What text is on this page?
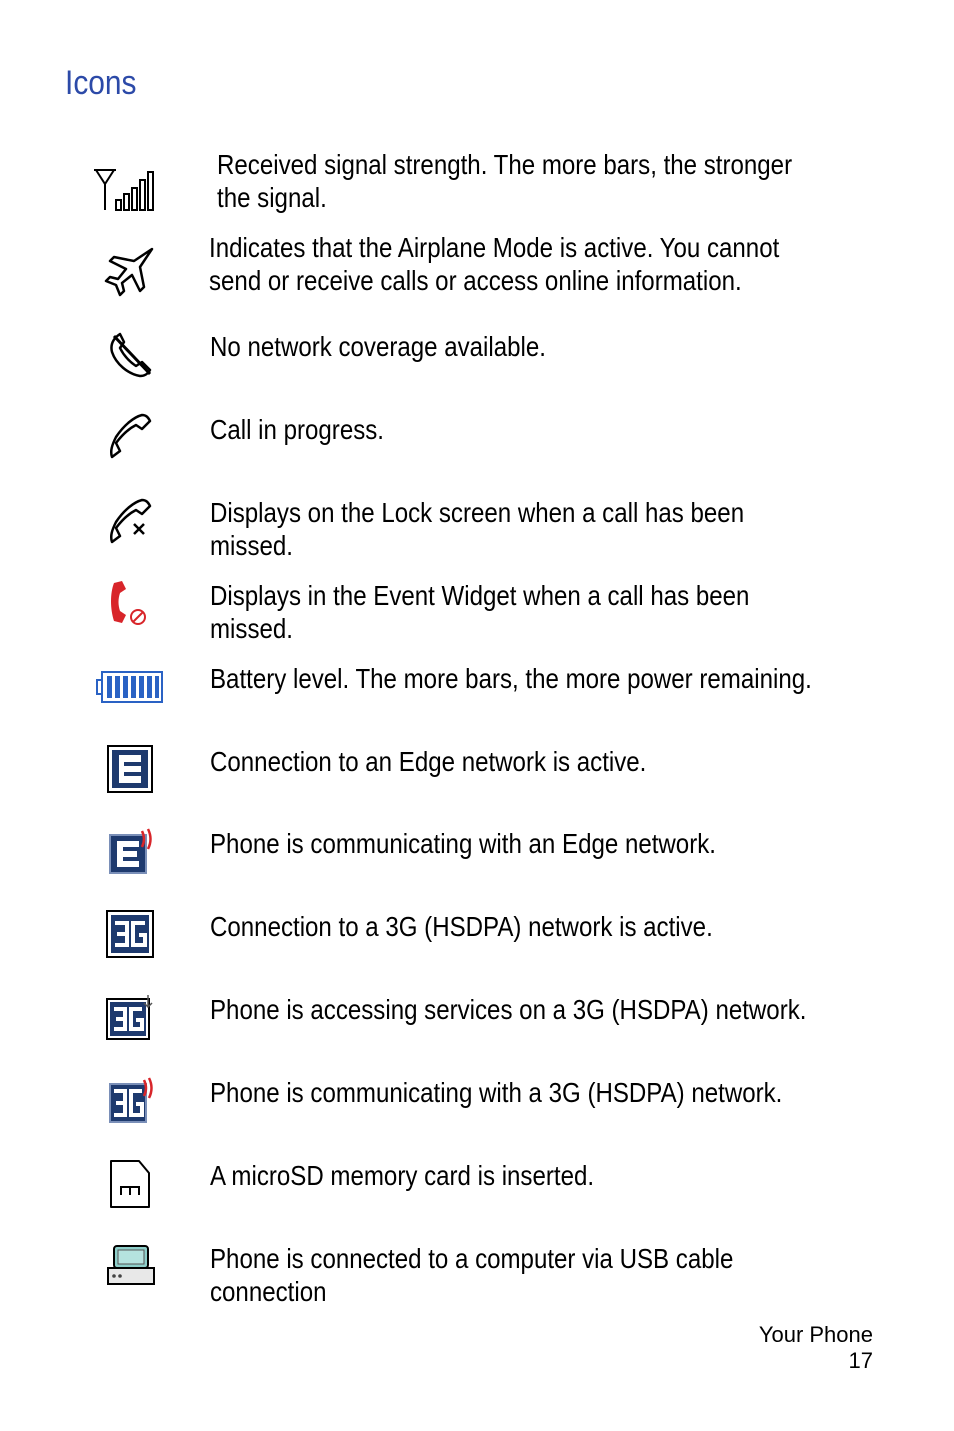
Icons
Received signal strength. The more bars, the stronger the signal.
Indicates that the Airplane Mode is active. You cannot send or receive calls or access online information.
No network coverage available.
Call in progress.
Displays on the Lock screen when a call has been missed.
Displays in the Event Widget when a call has been missed.
Battery level. The more bars, the more power remaining.
Connection to an Edge network is active.
Phone is communicating with an Edge network.
Connection to a 3G (HSDPA) network is active.
Phone is accessing services on a 3G (HSDPA) network.
Phone is communicating with a 3G (HSDPA) network.
A microSD memory card is inserted.
Phone is connected to a computer via USB cable connection
Your Phone
17
